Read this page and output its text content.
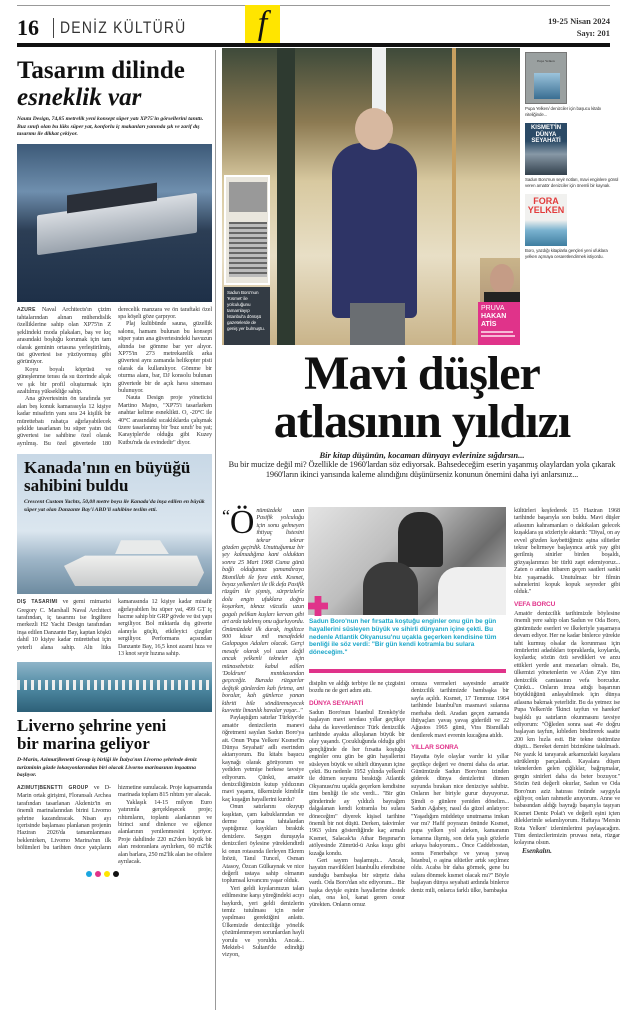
16 DENİZ KÜLTÜRÜ	f	19-25 Nisan 2024
Sayı: 201
Tasarım dilinde
esneklik var
Nauta Design, 74,85 metrelik yeni konsept süper yatı XP75'in görsellerini tanıttı. Buz sınıfı olan bu lüks süper yat, konforlu iç makanları yanında şık ve zarif dış tasarımı ile dikkat çekiyor.

AZURE Naval Architects'ın çizim tahtalarından alınan mühendislik özelliklerine sahip olan XP75'in Z şeklindeki moda plakaları, baş ve kıç arasındaki boşluğu korumak için tam olarak geminin ortasına yerleştirilmiş, üst güvertesi ise yüzüyormuş gibi görünüyor.

Koyu boyalı köprüsü ve güneşlenme terası da su üzerinde alçak ve şık bir profil oluşturmak için azaltılmış yüksekliğe sahip.

Ana güvertesinin ön tarafında yer alan beş konuk kamarasıyla 12 kişiye kadar misafirin yanı sıra 24 kişilik bir mürettebatı rahatça ağırlayabilecek şekilde tasarlanan bu süper yatın üst güvertesi ise sahibine özel olarak ayrılmış. Bu özel güvertede 180 derecelik manzara ve ön taraftaki özel spa köşeli göze çarpıyor.

Plaj kulübünde sauna, güzellik salonu, hamam bulunan bu konsept süper yatın ana güvertesindeki havuzun altında ise gömme bar yer alıyor. XP75'in 273 metrekarelik arka güvertesi aynı zamanda helikopter pisti olarak da kullanılıyor. Gömme bir oturma alanı, bar, DJ konsolu bulunan güvertede bir de açık hava sineması bulunuyor.

Nauta Design proje yöneticisi Martino Majno, "XP75'i tasarlarken anahtar kelime esneklikti. O, -20°C ile 40°C arasındaki sıcaklıklarda çalışmak üzere tasarlanmış bir 'buz sınıfı' bu yat; Karayipler'de olduğu gibi Kuzey Kutbu'nda da evindedir" diyor.

Kanada'nın en büyüğü
sahibini buldu
Crescent Custom Yachts, 50,08 metre boyu ile Kanada'da inşa edilen en büyük süper yat olan Danzante Bay'i ABD'li sahibine teslim etti.

DIŞ TASARIMI ve gemi mimarisi Gregory C. Marshall Naval Architect tarafından, iç tasarımı ise İngiltere merkezli H2 Yacht Design tarafından inşa edilen Danzante Bay, kaptan köşkü dahil 10 kişiye kadar mürettebat için yeterli alana sahip. Altı lüks kamarasında 12 kişiye kadar misafir ağırlayabilen bu süper yat, 499 GT iç hacme sahip bir GRP gövde ve üst yapı sergiliyor. Bol miktarda dış güverte alanıyla güçlü, etkileyici çizgiler sergiliyor. Performans açısından Danzante Bay, 16,5 knot azami hıza ve 13 knot seyir hızına sahip.

Liverno şehrine yeni
bir marina geliyor
D-Marin, Azimut|Benetti Group iş birliği ile İtalya'nın Livorno şehrinde deniz turizminin gözde lokasyonlarından biri olacak Livorno marinasının inşaatına başlıyor.

AZIMUT|BENETTI GROUP ve D-Marin ortak girişimi, Floransalı Archea tarafından tasarlanan Akdeniz'in en önemli marinalarından birini Livorno şehrine kazandıracak. Nisan ayı içerisinde başlaması planlanan projenin Haziran 2026'da tamamlanması beklenirken, Livorno Marina'nın ilk bölümleri bu tarihten önce yatçıların hizmetine sunulacak. Proje kapsamında marinada toplam 815 rıhtım yer alacak.

Yaklaşık 14-15 milyon Euro yatırımla gerçekleşecek proje; rıhtımların, toplantı alanlarının ve birinci sınıf dinlence ve eğlence alanlarının yenilenmesini içeriyor. Proje dahilinde 220 m2'den büyük bir alan restoranlara ayrılırken, 60 m2'lik alan barlara, 250 m2'lik alan ise ofislere ayrılacak.

Sadun Boro'nun 'Kısmet' ile yolculuğunu tamamlayıp İstanbul'a dönüşü gazetelerde de geniş yer bulmuştu.
PRUVA
HAKAN
ATİS
Pupa Yelken
Pupa Yelken/ denizciler için başucu kitabı niteliğinde...
KISMET'İN DÜNYA SEYAHATİ
Sadun Boro'nun seyir notları, mavi enginlere gönül veren amatör denizciler için önemli bir kaynak.
FORA YELKEN
Boro, yazdığı kitaplarla gençleri yeni ufuklara yelken açmaya cesaretlendirmek istiyordu.
Mavi düşler
atlasının yıldızı
Bir kitap düşünün, kocaman dünyayı evlerinize sığdırsın...
Bu bir mucize değil mi? Özellikle de 1960'lardan söz ediyorsak. Bahsedeceğim eserin yaşanmış olaylardan yola çıkarak 1960'ların ikinci yarısında kaleme alındığını düşünürseniz konunun önemini daha iyi anlarsınız...
Sadun Boro'nun her fırsatta koştuğu enginler onu gün be gün hayallerini süsleyen büyük ve sihirli dünyanın içine çekti. Bu nedenle Atlantik Okyanusu'nu uçakla geçerken kendisine tüm benliği ile söz verdi: "Bir gün kendi kotramla bu sulara döneceğim."
“Ö nümüzdeki uzun Pasifik yolculuğu için sonu gelmeyen ihtiyaç listesini tekrar tekrar gözden geçirdik. Unuttuğumuz bir şey kalmadığına kani olduktan sonra 25 Mart 1968 Cuma günü bağlı olduğumuz şamandıraya Bismillah ile fora ettik. Kısmet, beyaz yelkenleri ile ilk defa Pasifik rüzgârı ile şişmiş, sürprizlerle dolu engin ufuklara doğru koşarken, tıknaz vücutlu uzun gagalı pelikan kuşları kervan gibi art arda takılmış onu uğurluyordu. Önümüzdeki ilk durak, ingilizce 900 küsur mil mesafedeki Galapagos Adaları olacak. Gerçi mesafe olarak yol uzun değil ancak yelkenli tekneler için münasebetsiz kabul edilen 'Doldrum' mıntıkasından geçeceğiz. Burada rüzgarlar değişik günlerden kah fırtına, ani boralar, kah günlerce yanan kibriti bile söndüremeyecek kuvvette limanlık havalar yaşar..."

Paylaştığım satırlar Türkiye'de amatör denizcilerin manevi öğretmeni sayılan Sadun Boro'ya ait. Onun 'Pupa Yelken/ Kısmet'in Dünya Seyahati' adlı eserinden aktarıyorum. Bu kitabı başucu kaynağı olarak görüyorum ve yediden yetmişe herkese tavsiye ediyorum. Çünkü, amatör denizciliğimizin kutup yıldızının mavi yaşamı, ülkemizde kimbilir kaç kuşağın hayallerini kurdu?

Onun satırlarını okuyup kaşıktan, çam kabuklarından ve derme çatma tahtalardan yaptığımız kayıkları bıraktık denizlere. Saygın duruşuyla denizcileri öylesine yüreklendirdi ki onun rotasında ilerleyen Ekrem İnözü, Tanıl Tuncel, Osman Atasoy, Özcan Gülkaynak ve nice değerli ustaya sahip olmanın toplumsal kıvancını yaşar olduk.

Yeri geldi kıyılarımızın talan edilmesine karşı yüreğindeki acıyı haykırdı, yeri geldi denizlerin temiz tutulması için neler yapılması gerektiğini anlattı. Ülkemizde denizciliğe yönelik çözümlenmeyen sorunlardan hayli yorulu ve yoruldu. Ancak... Mekteb-i Sultani'de edindiği vizyon,

disiplin ve aldığı terbiye ile ne çizgisini bozdu ne de geri adım attı.

DÜNYA SEYAHATİ

Sadun Boro'nun İstanbul Erenköy'de başlayan mavi sevdası yıllar geçtikçe daha da kuvvetlenince Türk denizcilik tarihinde ayakta alkışlanan büyük bir olay yaşandı. Çocukluğunda olduğu gibi gençliğinde de her fırsatta koştuğu enginler onu gün be gün hayallerini süsleyen büyük ve sihirli dünyanın içine çekti. Bu nedenle 1952 yılında yelkenli ile dümen suyunu bıraktığı Atlantik Okyanusu'nu uçakla geçerken kendisine tüm benliği ile söz verdi... "Bir gün gönderinde ay yıldızlı bayrağım dalgalanan kendi kotramla bu sulara döneceğim" diyerek kişisel tarihine önemli bir not düştü. Derken, takvimler 1963 yılını gösterdiğinde kaç armalı Kısmet, Salacak'ta Athar Beşpınar'ın atölyesinde Zümrüd-ü Anka kuşu gibi kızağa kondu.

Geri sayım başlamıştı... Ancak, hayatın mavilikleri İstanbullu efendisine sunduğu bambaşka bir sürpriz daha vardı. Oda Boro'dan söz ediyorum... Bir başka deyişle eşinin hayallerine destek olan, ona kol, kanat geren cesur yürekten. Onların omuz

omuza vermeleri sayesinde amatör denizcilik tarihimizde bambaşka bir sayfa açıldı. Kısmet, 17 Temmuz 1964 tarihinde İstanbul'un masmavi sularına merhaba dedi. Aradan geçen zamanda ihtiyaçları yavaş yavaş giderildi ve 22 Ağustos 1965 günü, Vira Bismillah denilerek mavi evrenin kucağına atıldı.

YILLAR SONRA

Hayatta öyle olaylar vardır ki yıllar geçtikçe değeri ve önemi daha da artar. Günümüzde Sadun Boro'nun izinden giderek dünya denizlerini dümen suyunda bırakan nice denizciye sahibiz. Onların her biriyle gurur duyuyoruz. Şimdi o günlere yeniden dönelim... Sadun Ağabey, nasıl da güzel anlatıyor: "Yaşadığım müddetçe unutmama imkan var mı? Hafif poyrazın önünde Kısmet, pupa yelken yol alırken, kamaranın kenarına ilişmiş, son defa yaşlı gözlerle arkaya bakıyorum... Önce Caddebostan, sonra Fenerbahçe ve yavaş yavaş İstanbul, o aşina silüetler artık seçilmez oldu. Acaba bir daha görmek, gene bu sulara dönmek kısmet olacak mı?" Böyle başlayan dünya seyahati ardında binlerce deniz mili, onlarca farklı ülke, bambaşka

kültürleri keşfederek 15 Haziran 1968 tarihinde başarıyla son buldu. Mavi düşler atlasının kahramanları o dakikaları gelecek kuşaklara şu sözleriyle aktardı: "Diyal, on ay evvel gözden kaybettiğimiz aşina silüetler tekrar belirmeye başlayınca artık yay gibi gerilmiş sinirler birden boşaldı, gözyaşlarımızı bir türlü zapt edemiyoruz... Zaten o andan itibaren geçen saatleri sanki biz yaşamadık. Unutulmaz bir filmin sahnelerini kopuk kopuk seyreder gibi olduk."

VEFA BORCU

Amatör denizcilik tarihimizde böylesine önemli yere sahip olan Sadun ve Oda Boro, günümüzde eserleri ve ilkeleriyle yaşamaya devam ediyor. Her ne kadar binlerce yürekte taht kurmuş olsalar da korunması için ömürlerini adadıkları topraklarda, koylarda, kıyılarda; sözün özü sevdikleri ve arzu ettikleri yerde anıt mezarları olmalı. Bu, ülkemizi yönetenlerin ve A'dan Z'ye tüm denizcilik camiasının vefa borcudur. Çünkü... Onların imza attığı başarının büyüklüğünü anlayabilmek için dünya atlasına bakmak yeterlidir. Bu da yetmez ise Pupa Yelken'de 'İkinci tayfun ve hareket' başlıklı şu satırların okunmasını tavsiye ediyorum: "Öğleden sonra saat 4'e doğru başlayan tayfun, kıbleden bindirerek saatte 200 km hızla esti. Bir tekne üstümüze düştü... Bereket demiri bizimkine takılmadı. Ne yazık ki tarayarak arkamızdaki kayalara sürüklenip parçalandı. Kayalara düşen teknelerden gelen çığlıklar, bağrışmalar, gergin sinirleri daha da beter bozuyor." Sözün özü değerli okurlar, Sadun ve Oda Boro'nun aziz hatırası önünde saygıyla eğiliyor, onları rahmetle anıyorum. Anne ve babasından aldığı bayrağı başarıyla taşıyan Kısmet Deniz Polat'ı ve değerli eşini içten dileklerimle selamlıyorum. Haftaya 'Mersin Rota Yelken' izlenimlerimi paylaşacağım. Tüm denizcilerimizin pruvası neta, rüzgar kolayına olsun.

Esenkalın.
